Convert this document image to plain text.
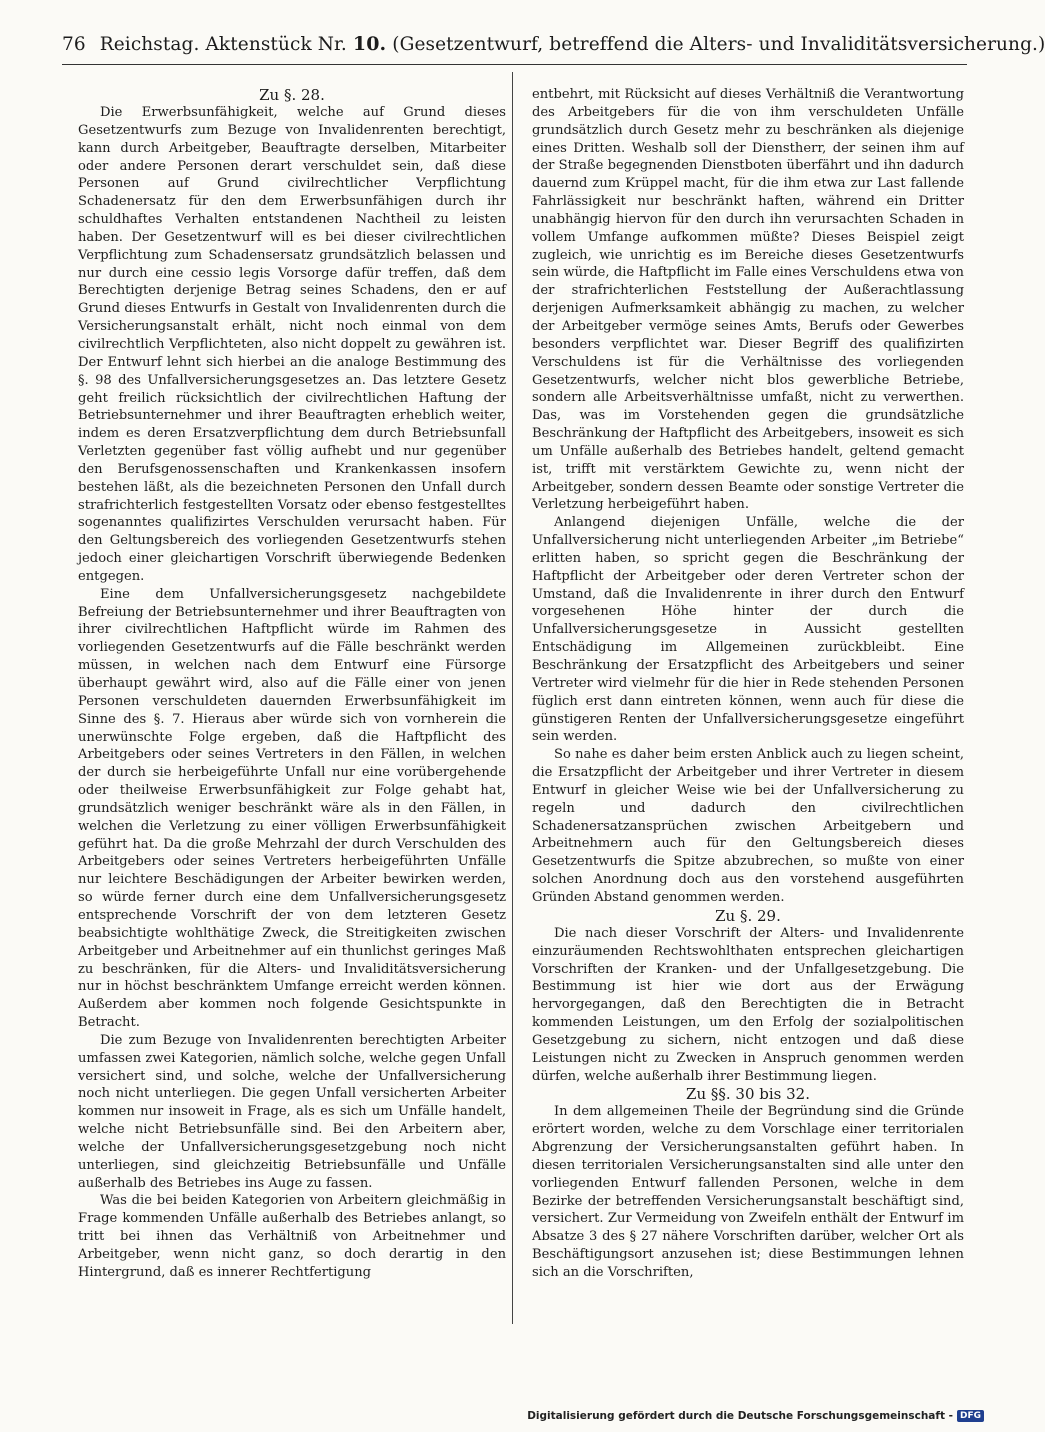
76 Reichstag. Aktenstück Nr. 10. (Gesetzentwurf, betreffend die Alters- und Invaliditätsversicherung.)
Zu §. 28.

Die Erwerbsunfähigkeit, welche auf Grund dieses Gesetzentwurfs zum Bezuge von Invalidenrenten berechtigt, kann durch Arbeitgeber, Beauftragte derselben, Mitarbeiter oder andere Personen derart verschuldet sein, daß diese Personen auf Grund civilrechtlicher Verpflichtung Schadenersatz für den dem Erwerbsunfähigen durch ihr schuldhaftes Verhalten entstandenen Nachtheil zu leisten haben. Der Gesetzentwurf will es bei dieser civilrechtlichen Verpflichtung zum Schadensersatz grundsätzlich belassen und nur durch eine cessio legis Vorsorge dafür treffen, daß dem Berechtigten derjenige Betrag seines Schadens, den er auf Grund dieses Entwurfs in Gestalt von Invalidenrenten durch die Versicherungsanstalt erhält, nicht noch einmal von dem civilrechtlich Verpflichteten, also nicht doppelt zu gewähren ist. Der Entwurf lehnt sich hierbei an die analoge Bestimmung des §. 98 des Unfallversicherungsgesetzes an. Das letztere Gesetz geht freilich rücksichtlich der civilrechtlichen Haftung der Betriebsunternehmer und ihrer Beauftragten erheblich weiter, indem es deren Ersatzverpflichtung dem durch Betriebsunfall Verletzten gegenüber fast völlig aufhebt und nur gegenüber den Berufsgenossenschaften und Krankenkassen insofern bestehen läßt, als die bezeichneten Personen den Unfall durch strafrichterlich festgestellten Vorsatz oder ebenso festgestelltes sogenanntes qualifizirtes Verschulden verursacht haben. Für den Geltungsbereich des vorliegenden Gesetzentwurfs stehen jedoch einer gleichartigen Vorschrift überwiegende Bedenken entgegen.

Eine dem Unfallversicherungsgesetz nachgebildete Befreiung der Betriebsunternehmer und ihrer Beauftragten von ihrer civilrechtlichen Haftpflicht würde im Rahmen des vorliegenden Gesetzentwurfs auf die Fälle beschränkt werden müssen, in welchen nach dem Entwurf eine Fürsorge überhaupt gewährt wird, also auf die Fälle einer von jenen Personen verschuldeten dauernden Erwerbsunfähigkeit im Sinne des §. 7. Hieraus aber würde sich von vornherein die unerwünschte Folge ergeben, daß die Haftpflicht des Arbeitgebers oder seines Vertreters in den Fällen, in welchen der durch sie herbeigeführte Unfall nur eine vorübergehende oder theilweise Erwerbsunfähigkeit zur Folge gehabt hat, grundsätzlich weniger beschränkt wäre als in den Fällen, in welchen die Verletzung zu einer völligen Erwerbsunfähigkeit geführt hat. Da die große Mehrzahl der durch Verschulden des Arbeitgebers oder seines Vertreters herbeigeführten Unfälle nur leichtere Beschädigungen der Arbeiter bewirken werden, so würde ferner durch eine dem Unfallversicherungsgesetz entsprechende Vorschrift der von dem letzteren Gesetz beabsichtigte wohlthätige Zweck, die Streitigkeiten zwischen Arbeitgeber und Arbeitnehmer auf ein thunlichst geringes Maß zu beschränken, für die Alters- und Invaliditätsversicherung nur in höchst beschränktem Umfange erreicht werden können. Außerdem aber kommen noch folgende Gesichtspunkte in Betracht.

Die zum Bezuge von Invalidenrenten berechtigten Arbeiter umfassen zwei Kategorien, nämlich solche, welche gegen Unfall versichert sind, und solche, welche der Unfallversicherung noch nicht unterliegen. Die gegen Unfall versicherten Arbeiter kommen nur insoweit in Frage, als es sich um Unfälle handelt, welche nicht Betriebsunfälle sind. Bei den Arbeitern aber, welche der Unfallversicherungsgesetzgebung noch nicht unterliegen, sind gleichzeitig Betriebsunfälle und Unfälle außerhalb des Betriebes ins Auge zu fassen.

Was die bei beiden Kategorien von Arbeitern gleichmäßig in Frage kommenden Unfälle außerhalb des Betriebes anlangt, so tritt bei ihnen das Verhältniß von Arbeitnehmer und Arbeitgeber, wenn nicht ganz, so doch derartig in den Hintergrund, daß es innerer Rechtfertigung

entbehrt, mit Rücksicht auf dieses Verhältniß die Verantwortung des Arbeitgebers für die von ihm verschuldeten Unfälle grundsätzlich durch Gesetz mehr zu beschränken als diejenige eines Dritten. Weshalb soll der Dienstherr, der seinen ihm auf der Straße begegnenden Dienstboten überfährt und ihn dadurch dauernd zum Krüppel macht, für die ihm etwa zur Last fallende Fahrlässigkeit nur beschränkt haften, während ein Dritter unabhängig hiervon für den durch ihn verursachten Schaden in vollem Umfange aufkommen müßte? Dieses Beispiel zeigt zugleich, wie unrichtig es im Bereiche dieses Gesetzentwurfs sein würde, die Haftpflicht im Falle eines Verschuldens etwa von der strafrichterlichen Feststellung der Außerachtlassung derjenigen Aufmerksamkeit abhängig zu machen, zu welcher der Arbeitgeber vermöge seines Amts, Berufs oder Gewerbes besonders verpflichtet war. Dieser Begriff des qualifizirten Verschuldens ist für die Verhältnisse des vorliegenden Gesetzentwurfs, welcher nicht blos gewerbliche Betriebe, sondern alle Arbeitsverhältnisse umfaßt, nicht zu verwerthen. Das, was im Vorstehenden gegen die grundsätzliche Beschränkung der Haftpflicht des Arbeitgebers, insoweit es sich um Unfälle außerhalb des Betriebes handelt, geltend gemacht ist, trifft mit verstärktem Gewichte zu, wenn nicht der Arbeitgeber, sondern dessen Beamte oder sonstige Vertreter die Verletzung herbeigeführt haben.

Anlangend diejenigen Unfälle, welche die der Unfallversicherung nicht unterliegenden Arbeiter „im Betriebe“ erlitten haben, so spricht gegen die Beschränkung der Haftpflicht der Arbeitgeber oder deren Vertreter schon der Umstand, daß die Invalidenrente in ihrer durch den Entwurf vorgesehenen Höhe hinter der durch die Unfallversicherungsgesetze in Aussicht gestellten Entschädigung im Allgemeinen zurückbleibt. Eine Beschränkung der Ersatzpflicht des Arbeitgebers und seiner Vertreter wird vielmehr für die hier in Rede stehenden Personen füglich erst dann eintreten können, wenn auch für diese die günstigeren Renten der Unfallversicherungsgesetze eingeführt sein werden.

So nahe es daher beim ersten Anblick auch zu liegen scheint, die Ersatzpflicht der Arbeitgeber und ihrer Vertreter in diesem Entwurf in gleicher Weise wie bei der Unfallversicherung zu regeln und dadurch den civilrechtlichen Schadenersatzansprüchen zwischen Arbeitgebern und Arbeitnehmern auch für den Geltungsbereich dieses Gesetzentwurfs die Spitze abzubrechen, so mußte von einer solchen Anordnung doch aus den vorstehend ausgeführten Gründen Abstand genommen werden.

Zu §. 29.

Die nach dieser Vorschrift der Alters- und Invalidenrente einzuräumenden Rechtswohlthaten entsprechen gleichartigen Vorschriften der Kranken- und der Unfallgesetzgebung. Die Bestimmung ist hier wie dort aus der Erwägung hervorgegangen, daß den Berechtigten die in Betracht kommenden Leistungen, um den Erfolg der sozialpolitischen Gesetzgebung zu sichern, nicht entzogen und daß diese Leistungen nicht zu Zwecken in Anspruch genommen werden dürfen, welche außerhalb ihrer Bestimmung liegen.

Zu §§. 30 bis 32.

In dem allgemeinen Theile der Begründung sind die Gründe erörtert worden, welche zu dem Vorschlage einer territorialen Abgrenzung der Versicherungsanstalten geführt haben. In diesen territorialen Versicherungsanstalten sind alle unter den vorliegenden Entwurf fallenden Personen, welche in dem Bezirke der betreffenden Versicherungsanstalt beschäftigt sind, versichert. Zur Vermeidung von Zweifeln enthält der Entwurf im Absatze 3 des § 27 nähere Vorschriften darüber, welcher Ort als Beschäftigungsort anzusehen ist; diese Bestimmungen lehnen sich an die Vorschriften,

Digitalisierung gefördert durch die Deutsche Forschungsgemeinschaft - DFG
